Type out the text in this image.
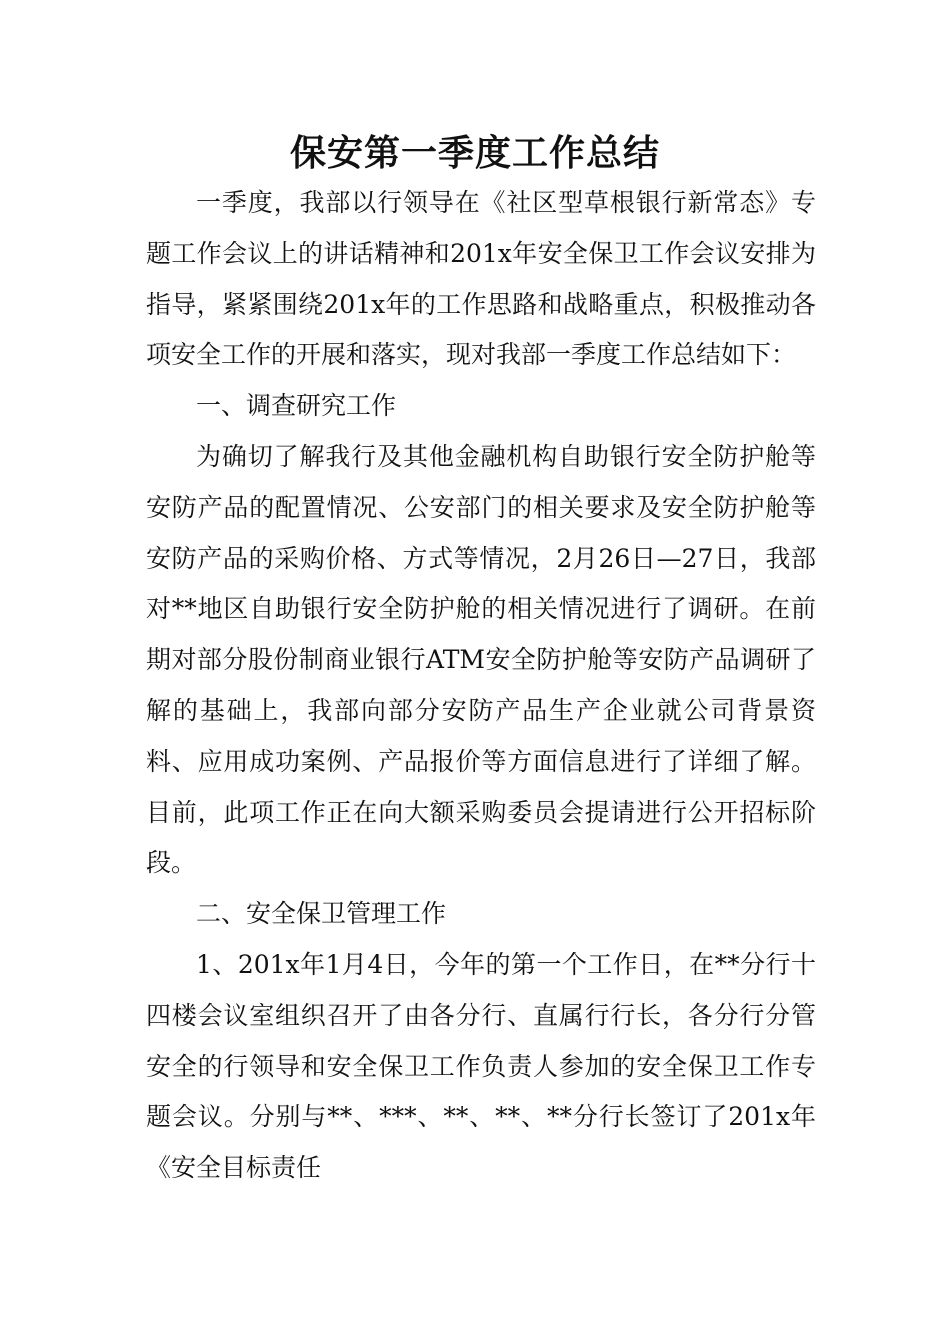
保安第一季度工作总结

一季度，我部以行领导在《社区型草根银行新常态》专题工作会议上的讲话精神和201x年安全保卫工作会议安排为指导，紧紧围绕201x年的工作思路和战略重点，积极推动各项安全工作的开展和落实，现对我部一季度工作总结如下：

一、调查研究工作

为确切了解我行及其他金融机构自助银行安全防护舱等安防产品的配置情况、公安部门的相关要求及安全防护舱等安防产品的采购价格、方式等情况，2月26日—27日，我部对**地区自助银行安全防护舱的相关情况进行了调研。在前期对部分股份制商业银行ATM安全防护舱等安防产品调研了解的基础上，我部向部分安防产品生产企业就公司背景资料、应用成功案例、产品报价等方面信息进行了详细了解。目前，此项工作正在向大额采购委员会提请进行公开招标阶段。

二、安全保卫管理工作

1、201x年1月4日，今年的第一个工作日，在**分行十四楼会议室组织召开了由各分行、直属行行长，各分行分管安全的行领导和安全保卫工作负责人参加的安全保卫工作专题会议。分别与**、***、**、**、**分行长签订了201x年《安全目标责任
